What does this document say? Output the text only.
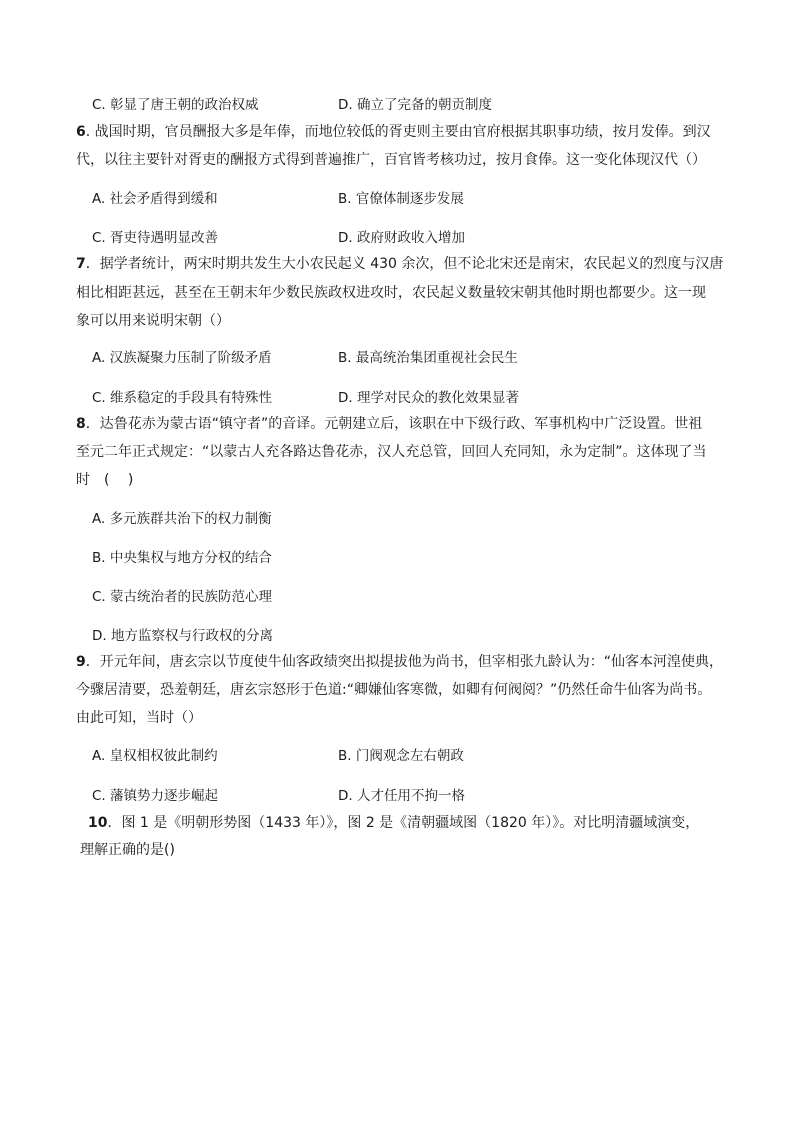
C. 彰显了唐王朝的政治权威	D. 确立了完备的朝贡制度
6. 战国时期，官员酬报大多是年俸，而地位较低的胥吏则主要由官府根据其职事功绩，按月发俸。到汉
代，以往主要针对胥吏的酬报方式得到普遍推广，百官皆考核功过，按月食俸。这一变化体现汉代（）
A. 社会矛盾得到缓和	B. 官僚体制逐步发展
C. 胥吏待遇明显改善	D. 政府财政收入增加
7．据学者统计，两宋时期共发生大小农民起义 430 余次，但不论北宋还是南宋，农民起义的烈度与汉唐
相比相距甚远，甚至在王朝末年少数民族政权进攻时，农民起义数量较宋朝其他时期也都要少。这一现
象可以用来说明宋朝（）
A. 汉族凝聚力压制了阶级矛盾	B. 最高统治集团重视社会民生
C. 维系稳定的手段具有特殊性	D. 理学对民众的教化效果显著
8．达鲁花赤为蒙古语“镇守者”的音译。元朝建立后，该职在中下级行政、军事机构中广泛设置。世祖
至元二年正式规定：“以蒙古人充各路达鲁花赤，汉人充总管，回回人充同知，永为定制”。这体现了当
时　(　 )
A. 多元族群共治下的权力制衡
B. 中央集权与地方分权的结合
C. 蒙古统治者的民族防范心理
D. 地方监察权与行政权的分离
9．开元年间，唐玄宗以节度使牛仙客政绩突出拟提拔他为尚书，但宰相张九龄认为：“仙客本河湟使典，
今骤居清要，恐羞朝廷，唐玄宗怒形于色道:“卿嫌仙客寒微，如卿有何阀阅？”仍然任命牛仙客为尚书。
由此可知，当时（）
A. 皇权相权彼此制约	B. 门阀观念左右朝政
C. 藩镇势力逐步崛起	D. 人才任用不拘一格
10．图 1 是《明朝形势图（1433 年）》，图 2 是《清朝疆域图（1820 年）》。对比明清疆域演变，
理解正确的是()
